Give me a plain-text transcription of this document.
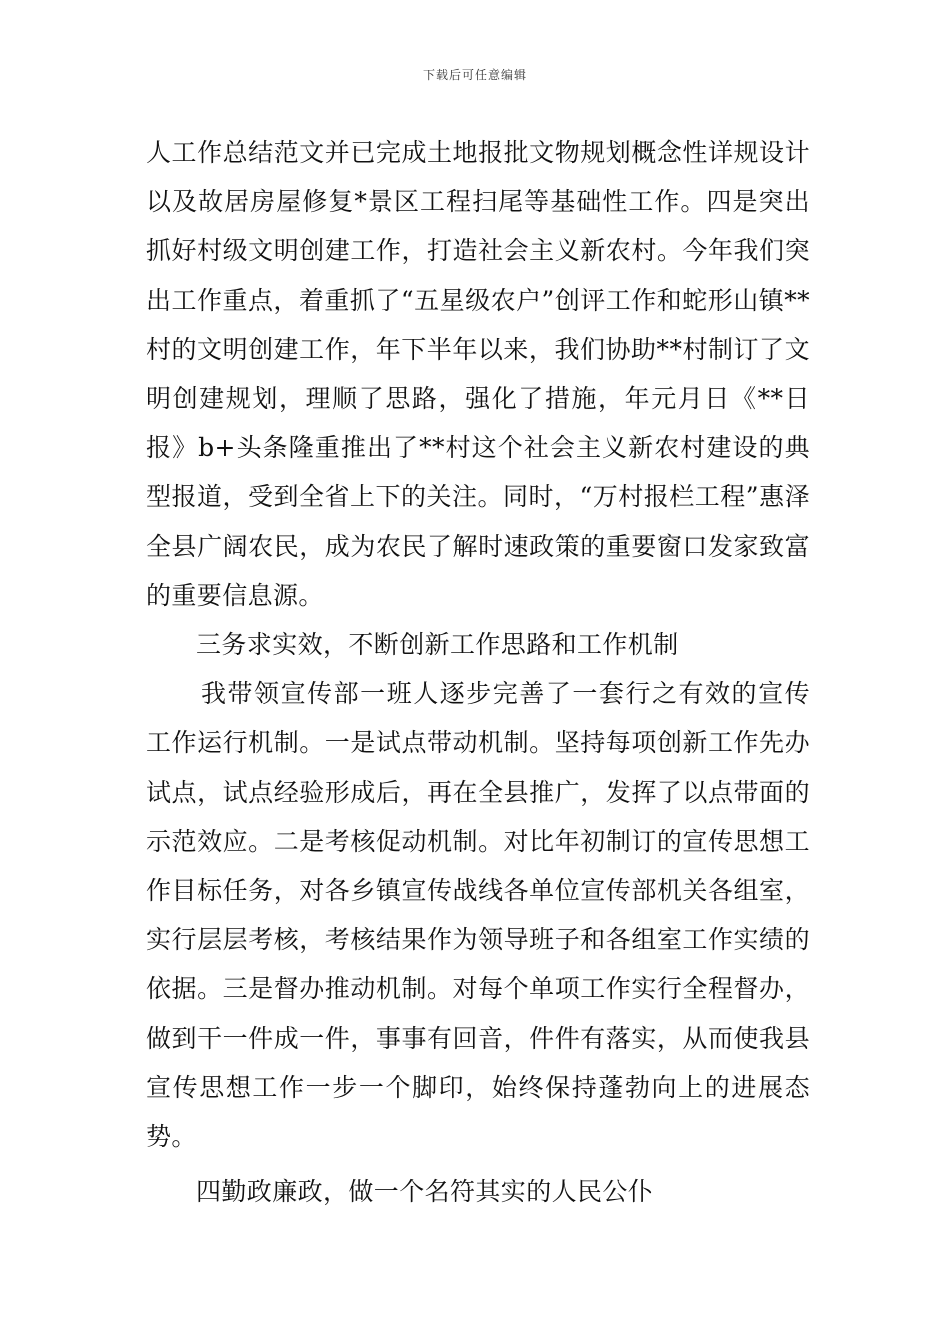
下载后可任意编辑

人工作总结范文并已完成土地报批文物规划概念性详规设计以及故居房屋修复*景区工程扫尾等基础性工作。四是突出抓好村级文明创建工作，打造社会主义新农村。今年我们突出工作重点，着重抓了“五星级农户”创评工作和蛇形山镇**村的文明创建工作，年下半年以来，我们协助**村制订了文明创建规划，理顺了思路，强化了措施，年元月日《**日报》b+头条隆重推出了**村这个社会主义新农村建设的典型报道，受到全省上下的关注。同时，“万村报栏工程”惠泽全县广阔农民，成为农民了解时速政策的重要窗口发家致富的重要信息源。

三务求实效，不断创新工作思路和工作机制

我带领宣传部一班人逐步完善了一套行之有效的宣传工作运行机制。一是试点带动机制。坚持每项创新工作先办试点，试点经验形成后，再在全县推广，发挥了以点带面的示范效应。二是考核促动机制。对比年初制订的宣传思想工作目标任务，对各乡镇宣传战线各单位宣传部机关各组室，实行层层考核，考核结果作为领导班子和各组室工作实绩的依据。三是督办推动机制。对每个单项工作实行全程督办，做到干一件成一件，事事有回音，件件有落实，从而使我县宣传思想工作一步一个脚印，始终保持蓬勃向上的进展态势。

四勤政廉政，做一个名符其实的人民公仆
